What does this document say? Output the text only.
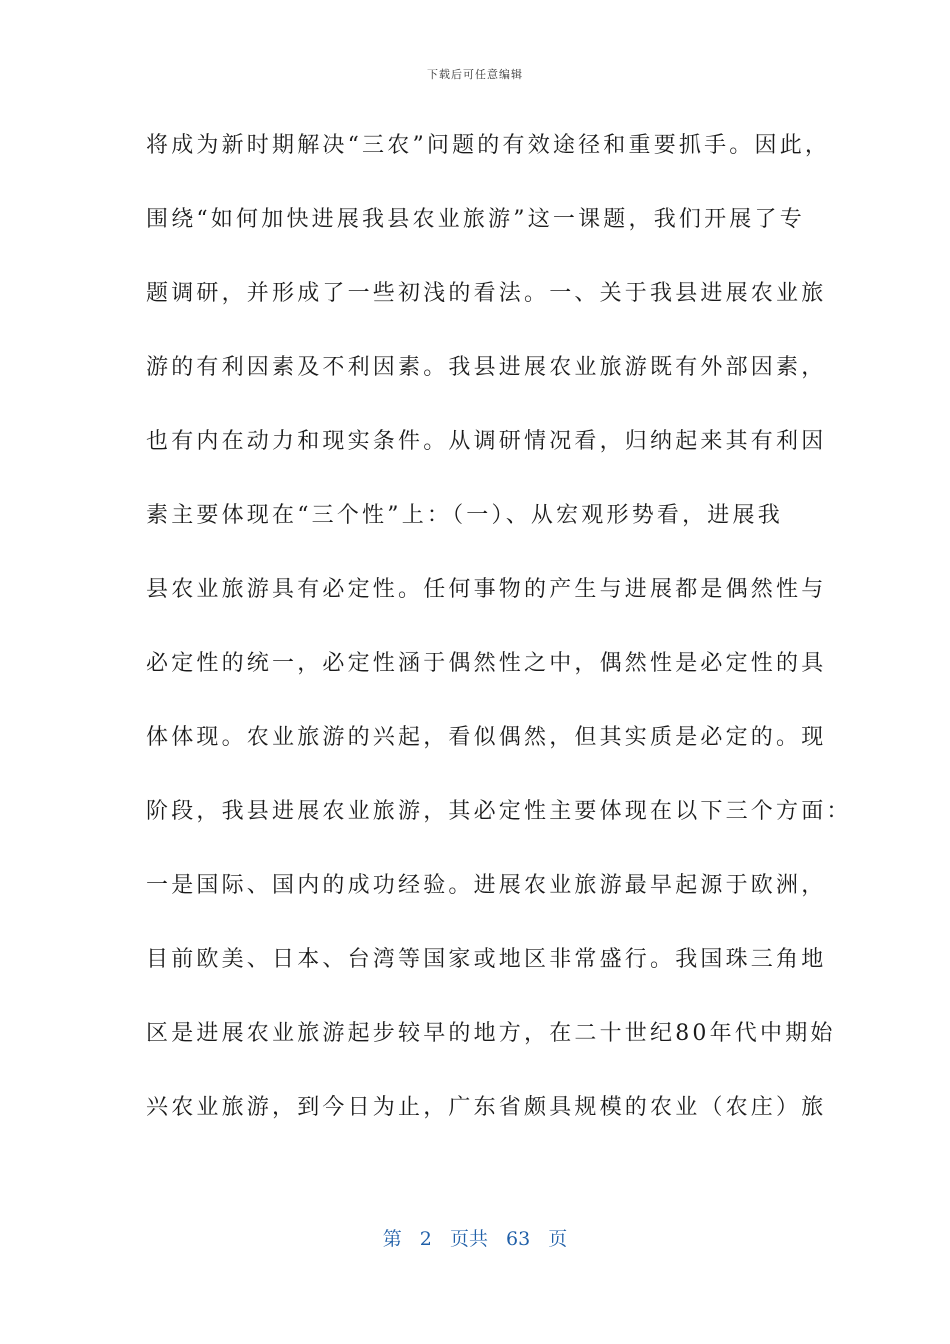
下载后可任意编辑
将成为新时期解决“三农”问题的有效途径和重要抓手。因此，
围绕“如何加快进展我县农业旅游”这一课题，我们开展了专
题调研，并形成了一些初浅的看法。一、关于我县进展农业旅
游的有利因素及不利因素。我县进展农业旅游既有外部因素，
也有内在动力和现实条件。从调研情况看，归纳起来其有利因
素主要体现在“三个性”上：（一）、从宏观形势看，进展我
县农业旅游具有必定性。任何事物的产生与进展都是偶然性与
必定性的统一，必定性涵于偶然性之中，偶然性是必定性的具
体体现。农业旅游的兴起，看似偶然，但其实质是必定的。现
阶段，我县进展农业旅游，其必定性主要体现在以下三个方面：
一是国际、国内的成功经验。进展农业旅游最早起源于欧洲，
目前欧美、日本、台湾等国家或地区非常盛行。我国珠三角地
区是进展农业旅游起步较早的地方，在二十世纪80年代中期始
兴农业旅游，到今日为止，广东省颇具规模的农业（农庄）旅
第 2 页共 63 页
